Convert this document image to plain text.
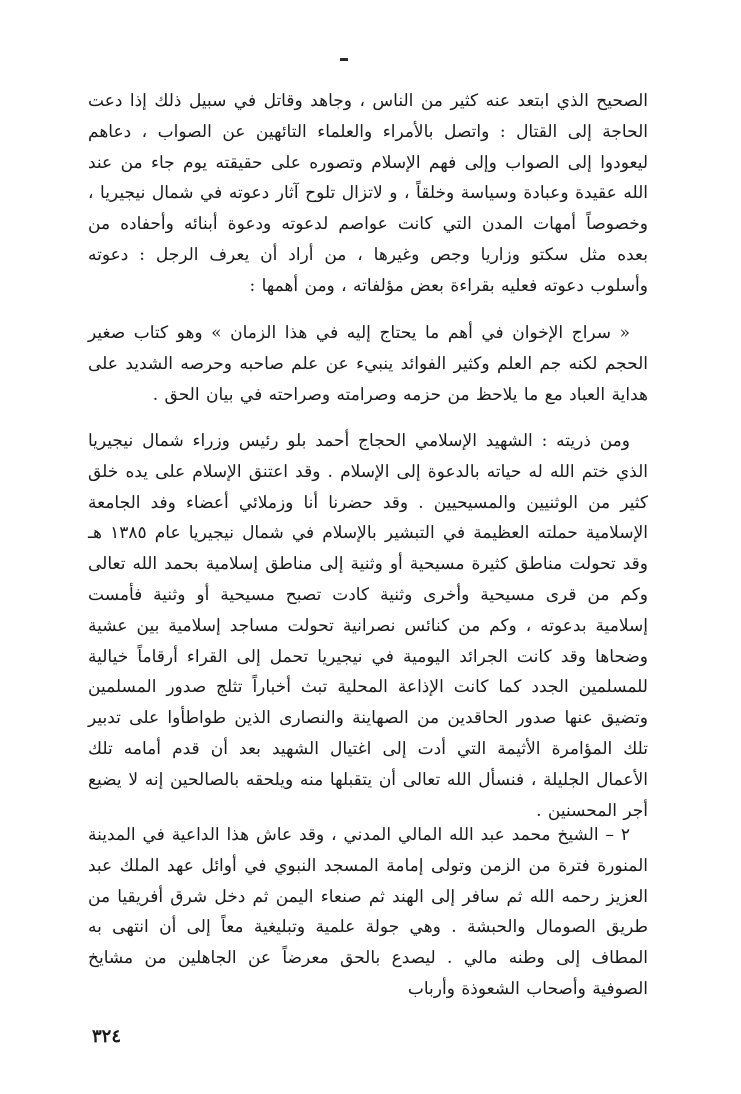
الصحيح الذي ابتعد عنه كثير من الناس ، وجاهد وقاتل في سبيل ذلك إذا دعت الحاجة إلى القتال : واتصل بالأمراء والعلماء التائهين عن الصواب ، دعاهم ليعودوا إلى الصواب وإلى فهم الإسلام وتصوره على حقيقته يوم جاء من عند الله عقيدة وعبادة وسياسة وخلقاً ، و لاتزال تلوح آثار دعوته في شمال نيجيريا ، وخصوصاً أمهات المدن التي كانت عواصم لدعوته ودعوة أبنائه وأحفاده من بعده مثل سكتو وزاريا وجص وغيرها ، من أراد أن يعرف الرجل : دعوته وأسلوب دعوته فعليه بقراءة بعض مؤلفاته ، ومن أهمها :
« سراج الإخوان في أهم ما يحتاج إليه في هذا الزمان » وهو كتاب صغير الحجم لكنه جم العلم وكثير الفوائد ينبيء عن علم صاحبه وحرصه الشديد على هداية العباد مع ما يلاحظ من حزمه وصرامته وصراحته في بيان الحق .
ومن ذريته : الشهيد الإسلامي الحجاج أحمد بلو رئيس وزراء شمال نيجيريا الذي ختم الله له حياته بالدعوة إلى الإسلام . وقد اعتنق الإسلام على يده خلق كثير من الوثنيين والمسيحيين . وقد حضرنا أنا وزملائي أعضاء وفد الجامعة الإسلامية حملته العظيمة في التبشير بالإسلام في شمال نيجيريا عام ١٣٨٥ هـ وقد تحولت مناطق كثيرة مسيحية أو وثنية إلى مناطق إسلامية بحمد الله تعالى وكم من قرى مسيحية وأخرى وثنية كادت تصبح مسيحية أو وثنية فأمست إسلامية بدعوته ، وكم من كنائس نصرانية تحولت مساجد إسلامية بين عشية وضحاها وقد كانت الجرائد اليومية في نيجيريا تحمل إلى القراء أرقاماً خيالية للمسلمين الجدد كما كانت الإذاعة المحلية تبث أخباراً تثلج صدور المسلمين وتضيق عنها صدور الحاقدين من الصهاينة والنصارى الذين طواطأوا على تدبير تلك المؤامرة الأثيمة التي أدت إلى اغتيال الشهيد بعد أن قدم أمامه تلك الأعمال الجليلة ، فنسأل الله تعالى أن يتقبلها منه ويلحقه بالصالحين إنه لا يضيع أجر المحسنين .
٢ – الشيخ محمد عبد الله المالي المدني ، وقد عاش هذا الداعية في المدينة المنورة فترة من الزمن وتولى إمامة المسجد النبوي في أوائل عهد الملك عبد العزيز رحمه الله ثم سافر إلى الهند ثم صنعاء اليمن ثم دخل شرق أفريقيا من طريق الصومال والحبشة . وهي جولة علمية وتبليغية معاً إلى أن انتهى به المطاف إلى وطنه مالي . ليصدع بالحق معرضاً عن الجاهلين من مشايخ الصوفية وأصحاب الشعوذة وأرباب
٣٢٤
